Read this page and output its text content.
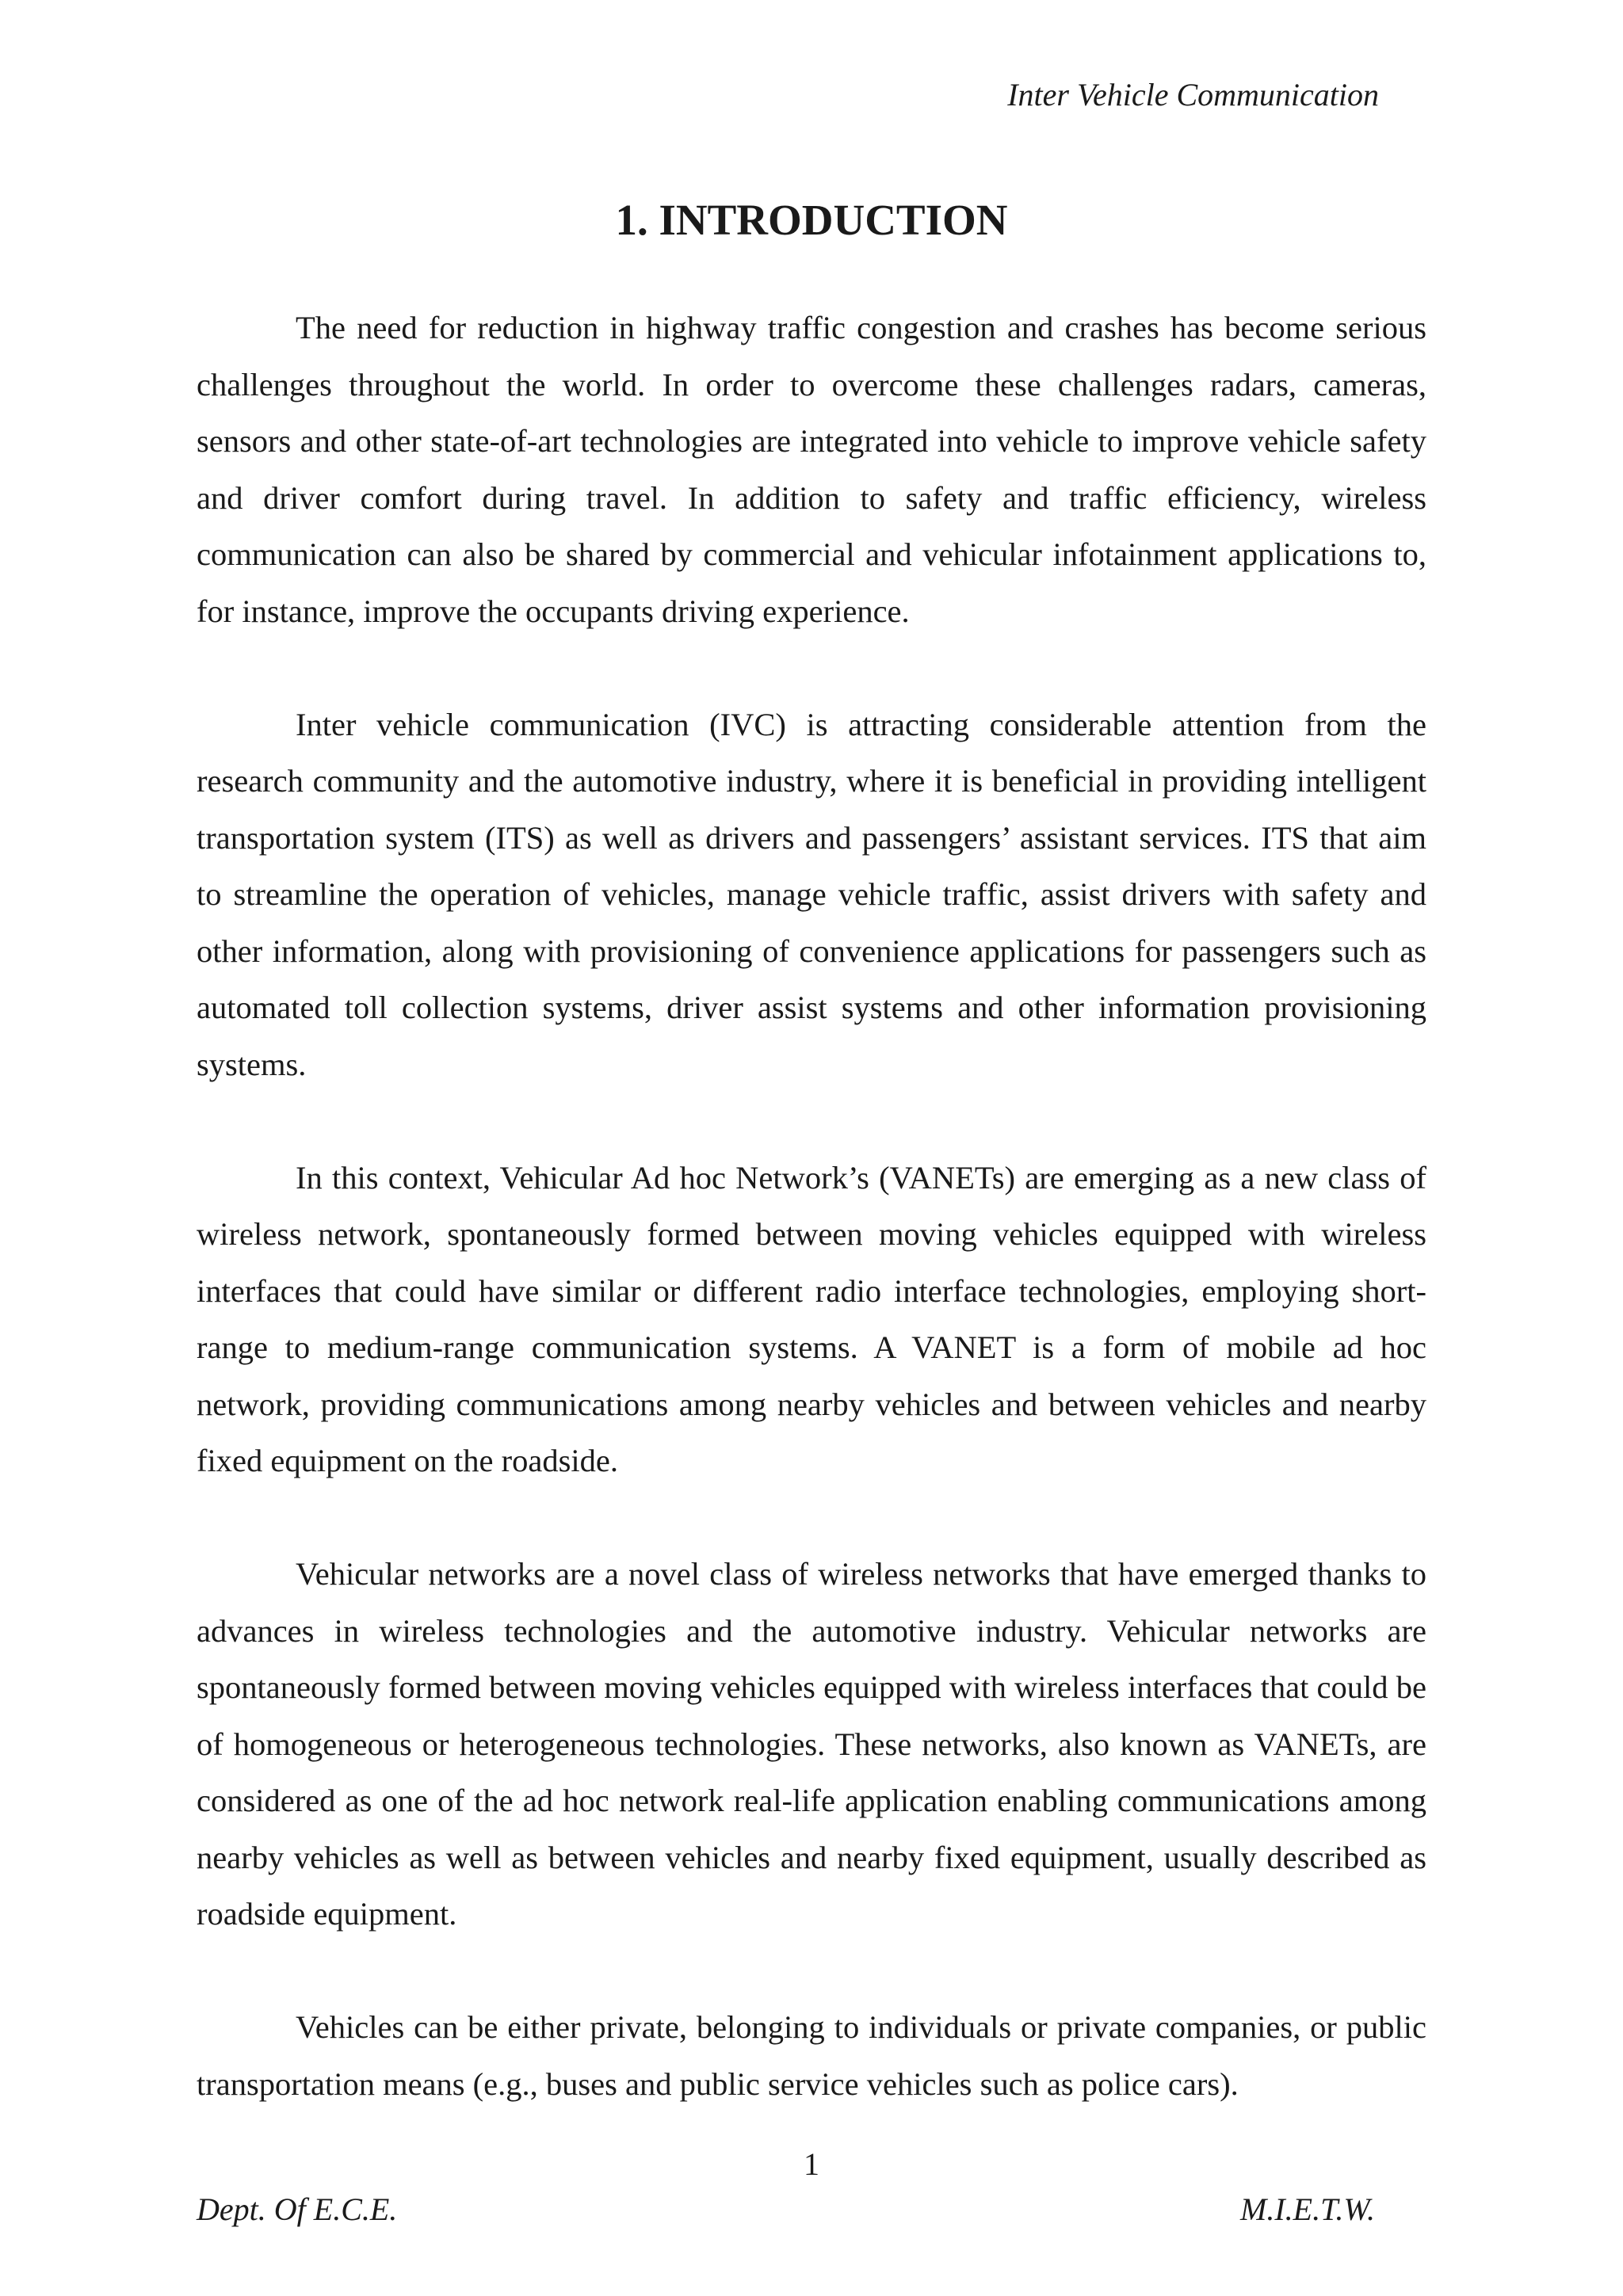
Inter Vehicle Communication
1. INTRODUCTION

The need for reduction in highway traffic congestion and crashes has become serious challenges throughout the world. In order to overcome these challenges radars, cameras, sensors and other state-of-art technologies are integrated into vehicle to improve vehicle safety and driver comfort during travel. In addition to safety and traffic efficiency, wireless communication can also be shared by commercial and vehicular infotainment applications to, for instance, improve the occupants driving experience.

Inter vehicle communication (IVC) is attracting considerable attention from the research community and the automotive industry, where it is beneficial in providing intelligent transportation system (ITS) as well as drivers and passengers’ assistant services. ITS that aim to streamline the operation of vehicles, manage vehicle traffic, assist drivers with safety and other information, along with provisioning of convenience applications for passengers such as automated toll collection systems, driver assist systems and other information provisioning systems.

In this context, Vehicular Ad hoc Network’s (VANETs) are emerging as a new class of wireless network, spontaneously formed between moving vehicles equipped with wireless interfaces that could have similar or different radio interface technologies, employing short-range to medium-range communication systems. A VANET is a form of mobile ad hoc network, providing communications among nearby vehicles and between vehicles and nearby fixed equipment on the roadside.

Vehicular networks are a novel class of wireless networks that have emerged thanks to advances in wireless technologies and the automotive industry. Vehicular networks are spontaneously formed between moving vehicles equipped with wireless interfaces that could be of homogeneous or heterogeneous technologies. These networks, also known as VANETs, are considered as one of the ad hoc network real-life application enabling communications among nearby vehicles as well as between vehicles and nearby fixed equipment, usually described as roadside equipment.

Vehicles can be either private, belonging to individuals or private companies, or public transportation means (e.g., buses and public service vehicles such as police cars).

1
Dept. Of E.C.E.	M.I.E.T.W.
